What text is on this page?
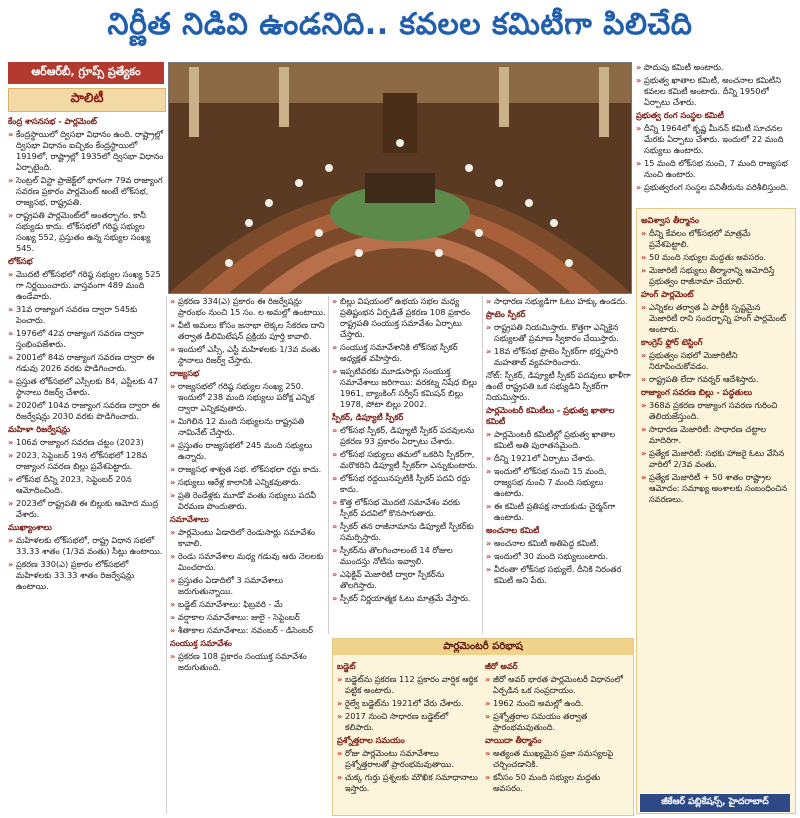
నిర్ణీత నిడివి ఉండనిది.. కవలల కమిటీగా పిలిచేది
ఆర్ఆర్‌బీ, గ్రూప్స్ ప్రత్యేకం
పాలిటీ

కేంద్ర శాసనసభ - పార్లమెంట్

» కేంద్రస్థాయిలో ద్విసభా విధానం ఉంది. రాష్ట్రాల్లో ద్విసభా విధానం ఐచ్ఛికం కేంద్రస్థాయిలో 1919లో, రాష్ట్రాల్లో 1935లో ద్విసభా విధానం ఏర్పాటైంది.

» సెంట్రల్ విస్టా ప్రాజెక్ట్‌లో భాగంగా 79వ రాజ్యాంగ సవరణ ప్రకారం పార్లమెంట్ అంటే లోక్‌సభ, రాజ్యసభ, రాష్ట్రపతి.

» రాష్ట్రపతి పార్లమెంట్‌లో అంతర్భాగం. కానీ సభ్యుడు కాదు. లోక్‌సభలో గరిష్ఠ సభ్యుల సంఖ్య 552, ప్రస్తుతం ఉన్న సభ్యుల సంఖ్య 545.

లోక్‌సభ

» మొదటి లోక్‌సభలో గరిష్ఠ సభ్యుల సంఖ్య 525 గా నిర్ణయించారు. వాస్తవంగా 489 మంది ఉండేవారు.

» 31వ రాజ్యాంగ సవరణ ద్వారా 545కు పెంచారు.

» 1976లో 42వ రాజ్యాంగ సవరణ ద్వారా స్తంభింపజేశారు.

» 2001లో 84వ రాజ్యాంగ సవరణ ద్వారా ఈ గడువు 2026 వరకు పొడిగించారు.

» ప్రస్తుత లోక్‌సభలో ఎస్సీలకు 84, ఎస్టీలకు 47 స్థానాలు రిజర్వ్ చేశారు.

» 2020లో 104వ రాజ్యాంగ సవరణ ద్వారా ఈ రిజర్వేషన్లు 2030 వరకు పొడిగించారు.

మహిళా రిజర్వేషన్లు

» 106వ రాజ్యాంగ సవరణ చట్టం (2023)

» 2023, సెప్టెంబర్ 19న లోక్‌సభలో 128వ రాజ్యాంగ సవరణ బిల్లు ప్రవేశపెట్టారు.

» లోక్‌సభ దీన్ని 2023, సెప్టెంబర్ 20న ఆమోదించింది.

» 2023లో రాష్ట్రపతి ఈ బిల్లుకు ఆమోద ముద్ర వేశారు.

ముఖ్యాంశాలు

» మహిళలకు లోక్‌సభలో, రాష్ట్ర విధాన సభలో 33.33 శాతం (1/3వ వంతు) సీట్లు ఉంటాయి.

» ప్రకరణ 330(ఎ) ప్రకారం లోక్‌సభలో మహిళలకు 33.33 శాతం రిజర్వేషన్లు ఉంటాయి.

» ప్రకరణ 334(ఎ) ప్రకారం ఈ రిజర్వేషన్లు ప్రారంభం నుంచి 15 సం. ల అమల్లో ఉంటాయి.

» వీటి అమలు కోసం జనాభా లెక్కల సేకరణ దాని తర్వాత డీలిమిటేషన్ ప్రక్రియ పూర్తి కావాలి.

» ఇందులో ఎస్సీ, ఎస్టీ మహిళలకు 1/3వ వంతు స్థానాలు రిజర్వ్ చేస్తారు.

రాజ్యసభ

» రాజ్యసభలో గరిష్ఠ సభ్యుల సంఖ్య 250. ఇందులో 238 మంది సభ్యులు పరోక్ష ఎన్నిక ద్వారా ఎన్నికవుతారు.

» మిగిలిన 12 మంది సభ్యులను రాష్ట్రపతి నామినేట్ చేస్తారు.

» ప్రస్తుతం రాజ్యసభలో 245 మంది సభ్యులు ఉన్నారు.

» రాజ్యసభ శాశ్వత సభ. లోక్‌సభలా రద్దు కాదు.

» సభ్యులు ఆరేళ్ల కాలానికి ఎన్నికవుతారు.

» ప్రతి రెండేళ్లకు మూడో వంతు సభ్యులు పదవీ విరమణ పొందుతారు.

సమావేశాలు

» పార్లమెంటు ఏడాదిలో రెండుసార్లు సమావేశం కావాలి.

» రెండు సమావేశాల మధ్య గడువు ఆరు నెలలకు మించరాదు.

» ప్రస్తుతం ఏడాదిలో 3 సమావేశాలు జరుగుతున్నాయి.

» బడ్జెట్ సమావేశాలు: ఫిబ్రవరి - మే

» వర్షాకాల సమావేశాలు: జులై - సెప్టెంబర్

» శీతాకాల సమావేశాలు: నవంబర్ - డిసెంబర్

సంయుక్త సమావేశం

» ప్రకరణ 108 ప్రకారం సంయుక్త సమావేశం జరుగుతుంది.

» బిల్లు విషయంలో ఉభయ సభల మధ్య ప్రతిష్టంభన ఏర్పడితే ప్రకరణ 108 ప్రకారం రాష్ట్రపతి సంయుక్త సమావేశం ఏర్పాటు చేస్తారు.

» సంయుక్త సమావేశానికి లోక్‌సభ స్పీకర్ అధ్యక్షత వహిస్తారు.

» ఇప్పటివరకు మూడుసార్లు సంయుక్త సమావేశాలు జరిగాయి: వరకట్న నిషేధ బిల్లు 1961, బ్యాంకింగ్ సర్వీస్ కమిషన్ బిల్లు 1978, పోటా బిల్లు 2002.

స్పీకర్, డిప్యూటీ స్పీకర్

» లోక్‌సభ స్పీకర్, డిప్యూటీ స్పీకర్ పదవులను ప్రకరణ 93 ప్రకారం ఏర్పాటు చేశారు.

» లోక్‌సభ సభ్యులు తమలో ఒకరిని స్పీకర్‌గా, మరొకరిని డిప్యూటీ స్పీకర్‌గా ఎన్నుకుంటారు.

» లోక్‌సభ రద్దయినప్పటికీ స్పీకర్ పదవి రద్దు కాదు.

» కొత్త లోక్‌సభ మొదటి సమావేశం వరకు స్పీకర్ పదవిలో కొనసాగుతారు.

» స్పీకర్ తన రాజీనామాను డిప్యూటీ స్పీకర్‌కు సమర్పిస్తారు.

» స్పీకర్‌ను తొలగించాలంటే 14 రోజుల ముందస్తు నోటీసు ఇవ్వాలి.

» ఎఫెక్టివ్ మెజారిటీ ద్వారా స్పీకర్‌ను తొలగిస్తారు.

» స్పీకర్ నిర్ణయాత్మక ఓటు మాత్రమే వేస్తారు.

» సాధారణ సభ్యుడిగా ఓటు హక్కు ఉండదు.

ప్రొటెం స్పీకర్

» రాష్ట్రపతి నియమిస్తారు. కొత్తగా ఎన్నికైన సభ్యులతో ప్రమాణ స్వీకారం చేయిస్తారు.

» 18వ లోక్‌సభ ప్రొటెం స్పీకర్‌గా భర్తృహరి మహతాబ్ వ్యవహరించారు.

నోట్: స్పీకర్, డిప్యూటీ స్పీకర్ పదవులు ఖాళీగా ఉంటే రాష్ట్రపతి ఒక సభ్యుడిని స్పీకర్‌గా నియమిస్తారు.

పార్లమెంటరీ కమిటీలు - ప్రభుత్వ ఖాతాల కమిటీ

» పార్లమెంటరీ కమిటీల్లో ప్రభుత్వ ఖాతాల కమిటీ అతి పురాతనమైంది.

» దీన్ని 1921లో ఏర్పాటు చేశారు.

» ఇందులో లోక్‌సభ నుంచి 15 మంది, రాజ్యసభ నుంచి 7 మంది సభ్యులు ఉంటారు.

» ఈ కమిటీ ప్రతిపక్ష నాయకుడు చైర్మన్‌గా ఉంటారు.

అంచనాల కమిటీ

» అంచనాల కమిటీ అతిపెద్ద కమిటీ.

» ఇందులో 30 మంది సభ్యులుంటారు.

» వీరంతా లోక్‌సభ సభ్యులే. దీనికి నిరంతర కమిటీ అని పేరు.

» పొదుపు కమిటీ అంటారు.

» ప్రభుత్వ ఖాతాల కమిటీ, అంచనాల కమిటీని కవలల కమిటీ అంటారు. దీన్ని 1950లో ఏర్పాటు చేశారు.

ప్రభుత్వ రంగ సంస్థల కమిటీ

» దీన్ని 1964లో కృష్ణ మీనన్ కమిటీ సూచనల మేరకు ఏర్పాటు చేశారు. ఇందులో 22 మంది సభ్యులు ఉంటారు.

» 15 మంది లోక్‌సభ నుంచి, 7 మంది రాజ్యసభ నుంచి ఉంటారు.

» ప్రభుత్వరంగ సంస్థల పనితీరును పరిశీలిస్తుంది.

అవిశ్వాస తీర్మానం

» దీన్ని కేవలం లోక్‌సభలో మాత్రమే ప్రవేశపెట్టాలి.

» 50 మంది సభ్యుల మద్దతు అవసరం.

» మెజారిటీ సభ్యులు తీర్మానాన్ని ఆమోదిస్తే ప్రభుత్వం రాజీనామా చేయాలి.

హంగ్ పార్లమెంట్

» ఎన్నికల తర్వాత ఏ పార్టీకి స్పష్టమైన మెజారిటీ రాని సందర్భాన్ని హంగ్ పార్లమెంట్ అంటారు.

కాంగ్రెస్ ఫ్లోర్ టెస్టింగ్

» ప్రభుత్వం సభలో మెజారిటీని నిరూపించుకోవడం.

» రాష్ట్రపతి లేదా గవర్నర్ ఆదేశిస్తారు.

రాజ్యాంగ సవరణ బిల్లు - పద్ధతులు

» 368వ ప్రకరణ రాజ్యాంగ సవరణ గురించి తెలియజేస్తుంది.

» సాధారణ మెజారిటీ: సాధారణ చట్టాల మాదిరిగా.

» ప్రత్యేక మెజారిటీ: సభకు హాజరై ఓటు వేసిన వారిలో 2/3వ వంతు.

» ప్రత్యేక మెజారిటీ + 50 శాతం రాష్ట్రాల ఆమోదం: సమాఖ్య అంశాలకు సంబంధించిన సవరణలు.

పార్లమెంటరీ పరిభాష

బడ్జెట్

» బడ్జెట్‌ను ప్రకరణ 112 ప్రకారం వార్షిక ఆర్థిక పట్టిక అంటారు.

» రైల్వే బడ్జెట్‌ను 1921లో వేరు చేశారు.

» 2017 నుంచి సాధారణ బడ్జెట్‌లో కలిపారు.

ప్రశ్నోత్తరాల సమయం

» రోజు పార్లమెంటు సమావేశాలు ప్రశ్నోత్తరాలతో ప్రారంభమవుతాయి.

» చుక్క గుర్తు ప్రశ్నలకు మౌఖిక సమాధానాలు ఇస్తారు.

జీరో అవర్

» జీరో అవర్ భారత పార్లమెంటరీ విధానంలో ఏర్పడిన ఒక సంప్రదాయం.

» 1962 నుంచి అమల్లో ఉంది.

» ప్రశ్నోత్తరాల సమయం తర్వాత ప్రారంభమవుతుంది.

వాయిదా తీర్మానం

» అత్యంత ముఖ్యమైన ప్రజా సమస్యలపై చర్చించడానికి.

» కనీసం 50 మంది సభ్యుల మద్దతు అవసరం.

జీకేఆర్ పబ్లికేషన్స్, హైదరాబాద్
